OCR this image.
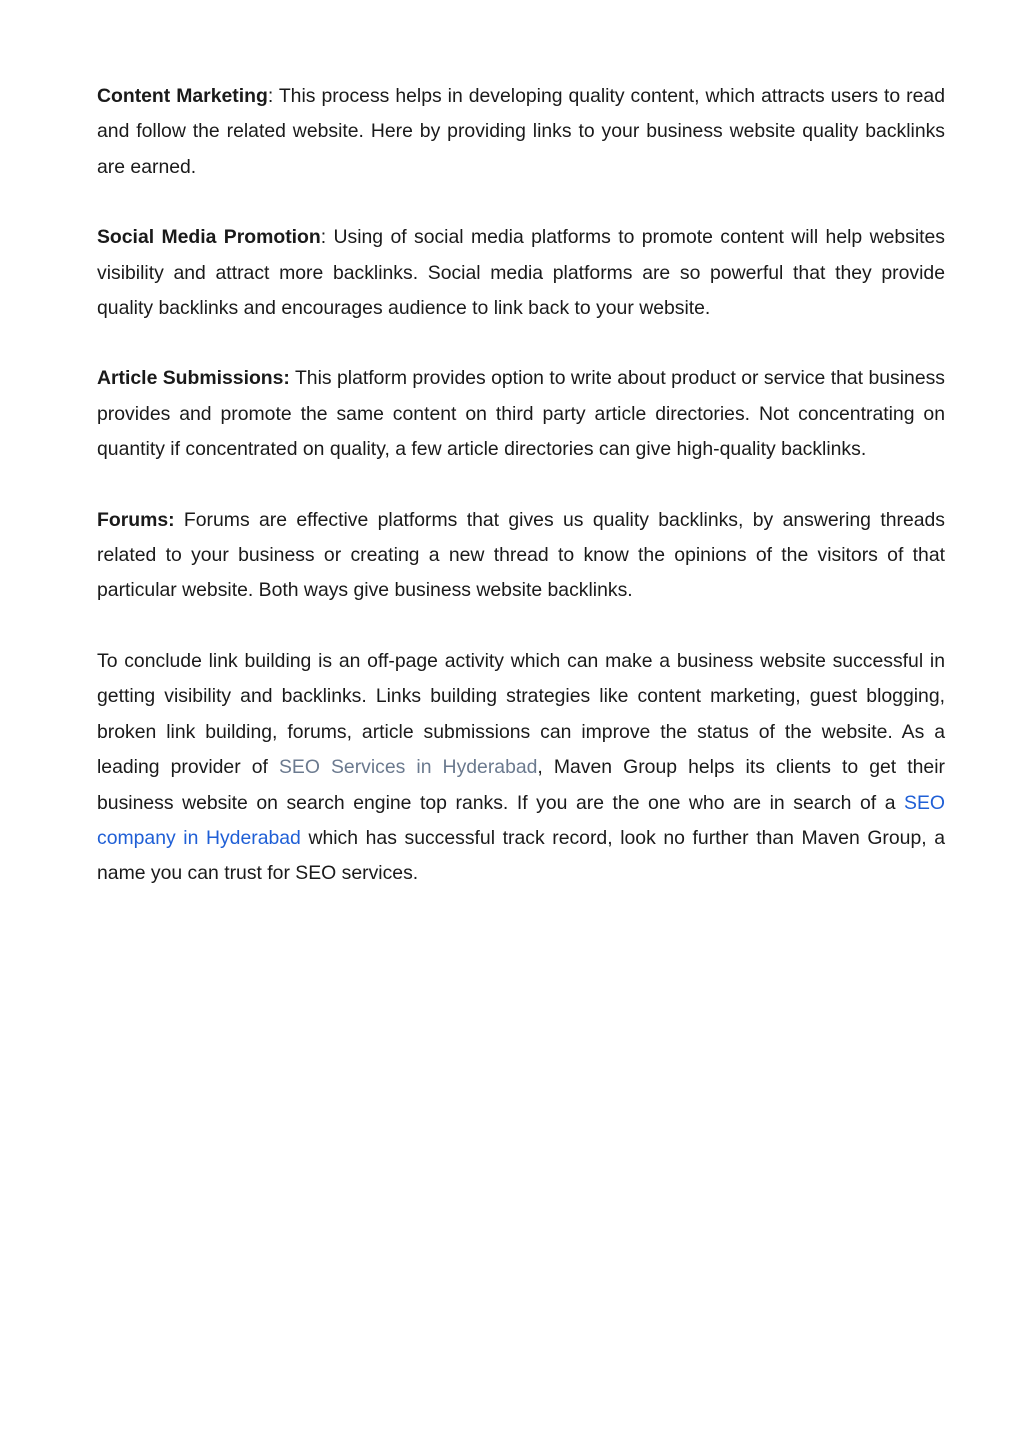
Content Marketing: This process helps in developing quality content, which attracts users to read and follow the related website. Here by providing links to your business website quality backlinks are earned.

Social Media Promotion: Using of social media platforms to promote content will help websites visibility and attract more backlinks. Social media platforms are so powerful that they provide quality backlinks and encourages audience to link back to your website.

Article Submissions: This platform provides option to write about product or service that business provides and promote the same content on third party article directories. Not concentrating on quantity if concentrated on quality, a few article directories can give high-quality backlinks.

Forums: Forums are effective platforms that gives us quality backlinks, by answering threads related to your business or creating a new thread to know the opinions of the visitors of that particular website. Both ways give business website backlinks.

To conclude link building is an off-page activity which can make a business website successful in getting visibility and backlinks. Links building strategies like content marketing, guest blogging, broken link building, forums, article submissions can improve the status of the website. As a leading provider of SEO Services in Hyderabad, Maven Group helps its clients to get their business website on search engine top ranks. If you are the one who are in search of a SEO company in Hyderabad which has successful track record, look no further than Maven Group, a name you can trust for SEO services.
